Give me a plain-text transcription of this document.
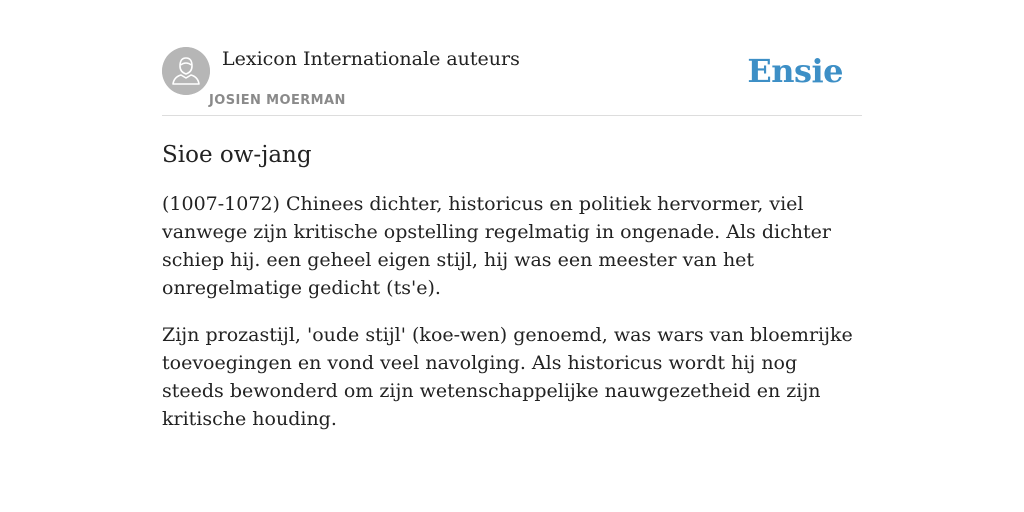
Lexicon Internationale auteurs
JOSIEN MOERMAN
Ensie
Sioe ow-jang

(1007-1072) Chinees dichter, historicus en politiek hervormer, viel vanwege zijn kritische opstelling regelmatig in ongenade. Als dichter schiep hij. een geheel eigen stijl, hij was een meester van het onregelmatige gedicht (ts'e).

Zijn prozastijl, 'oude stijl' (koe-wen) genoemd, was wars van bloemrijke toevoegingen en vond veel navolging. Als historicus wordt hij nog steeds bewonderd om zijn wetenschappelijke nauwgezetheid en zijn kritische houding.
